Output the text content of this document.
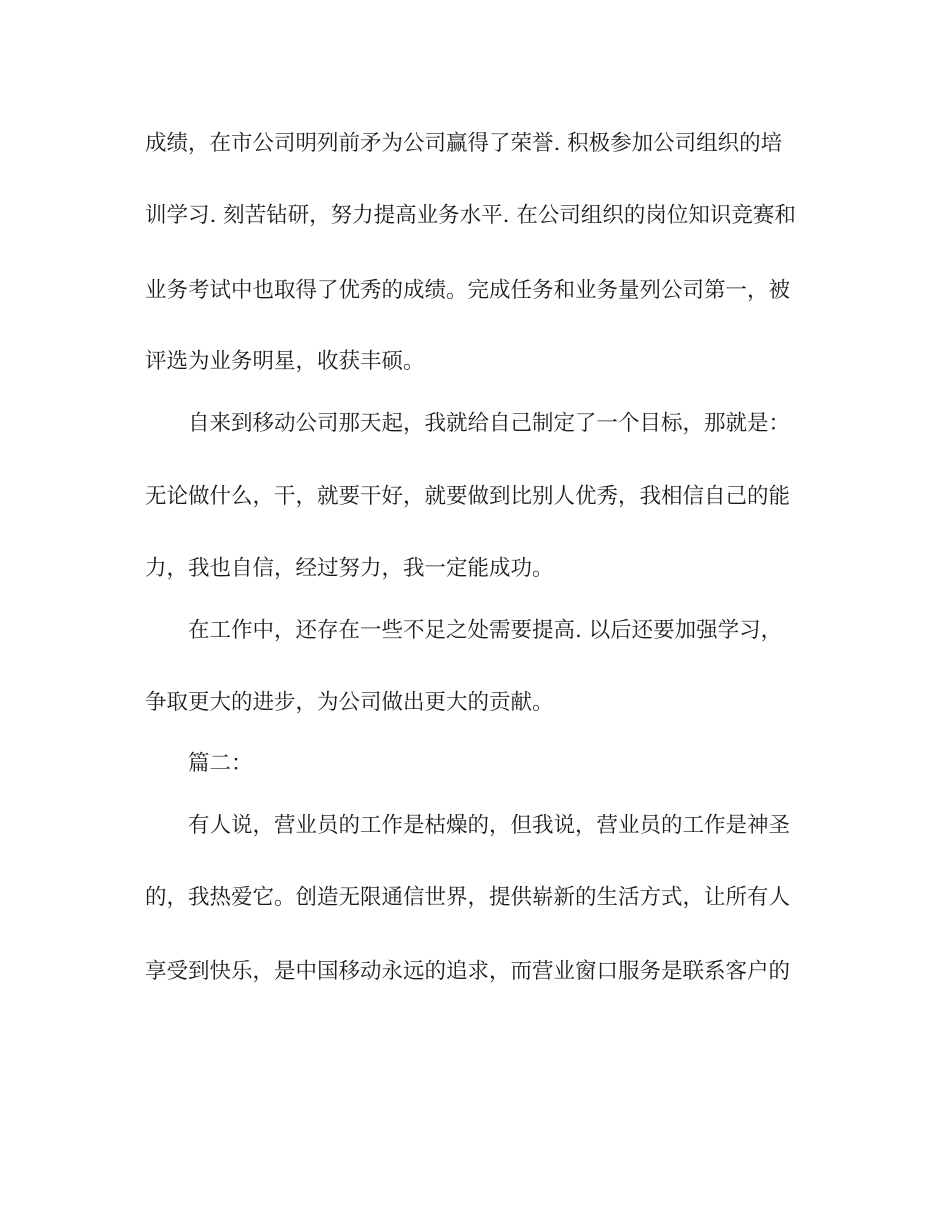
成绩，在市公司明列前矛为公司赢得了荣誉. 积极参加公司组织的培
训学习. 刻苦钻研，努力提高业务水平. 在公司组织的岗位知识竞赛和
业务考试中也取得了优秀的成绩。完成任务和业务量列公司第一，被
评选为业务明星，收获丰硕。
自来到移动公司那天起，我就给自己制定了一个目标，那就是：
无论做什么，干，就要干好，就要做到比别人优秀，我相信自己的能
力，我也自信，经过努力，我一定能成功。
在工作中，还存在一些不足之处需要提高. 以后还要加强学习，
争取更大的进步，为公司做出更大的贡献。
篇二：
有人说，营业员的工作是枯燥的，但我说，营业员的工作是神圣
的，我热爱它。创造无限通信世界，提供崭新的生活方式，让所有人
享受到快乐，是中国移动永远的追求，而营业窗口服务是联系客户的
